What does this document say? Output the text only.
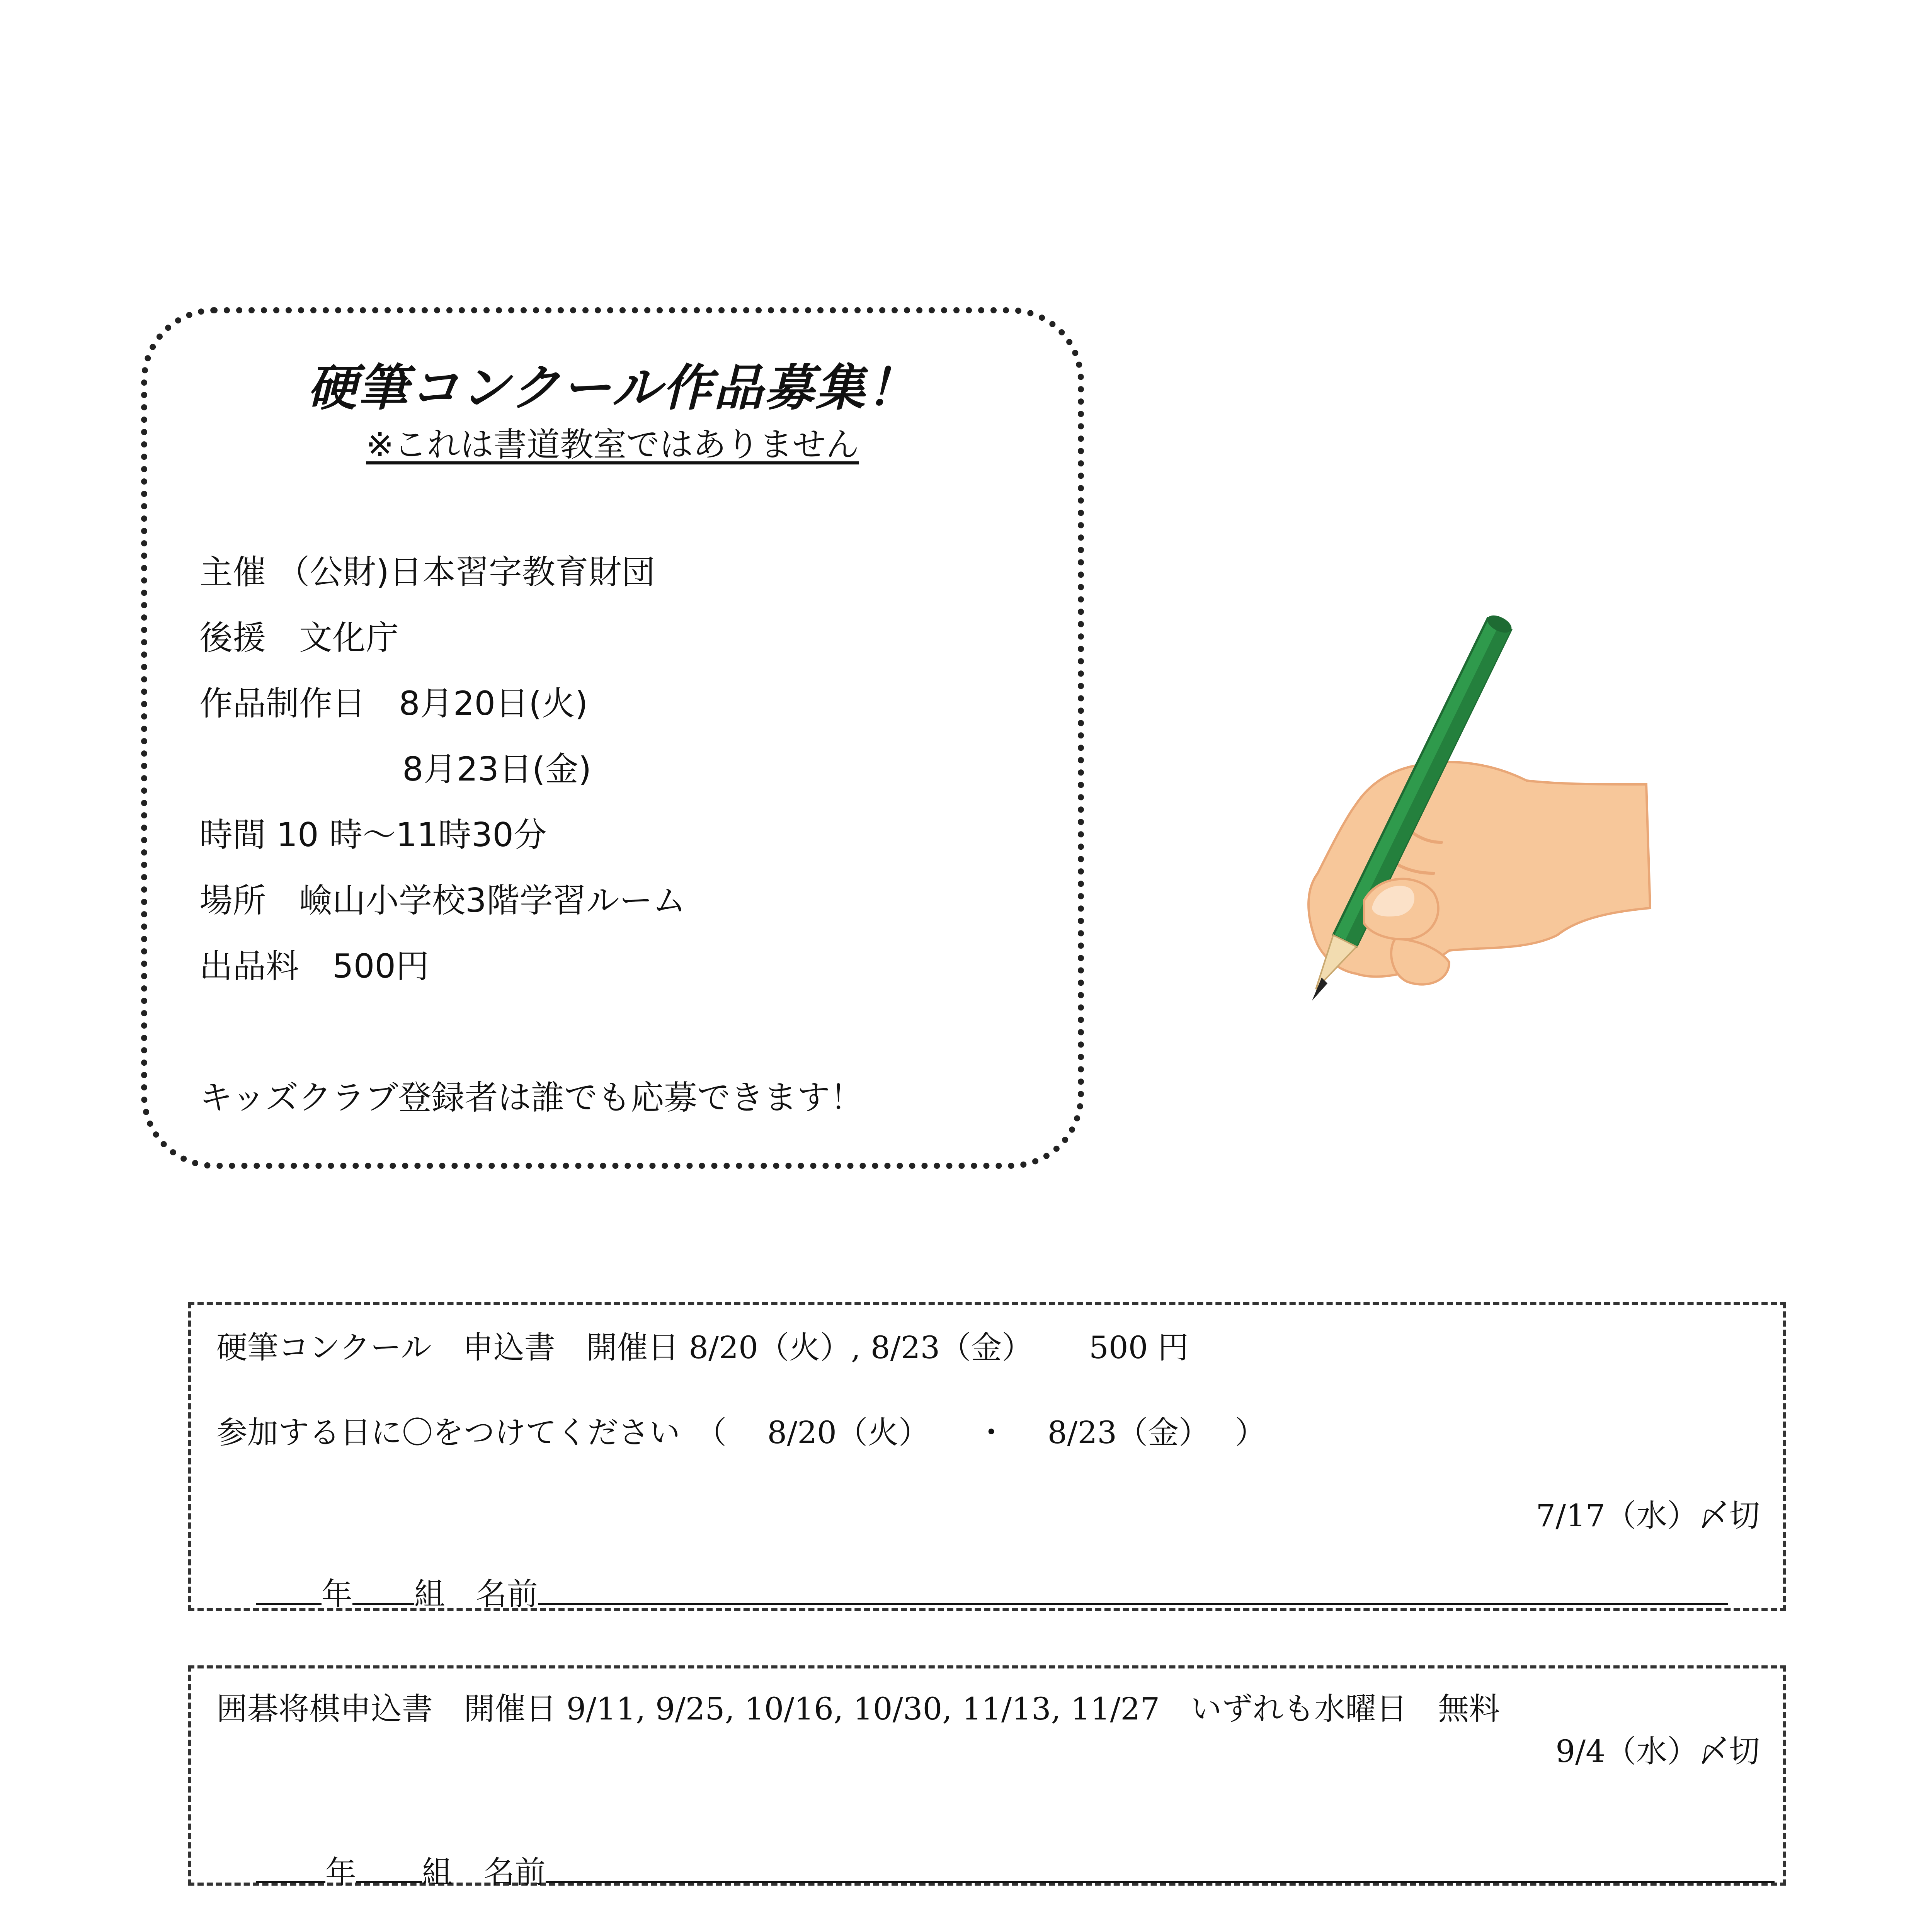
硬筆コンクール作品募集！
※これは書道教室ではありません
主催 （公財)日本習字教育財団
後援　文化庁
作品制作日　8月20日(火)
8月23日(金)
時間 10 時～11時30分
場所　嶮山小学校3階学習ルーム
出品料　500円
キッズクラブ登録者は誰でも応募できます！
硬筆コンクール　申込書　開催日 8/20（火）, 8/23（金）　　 500 円
参加する日に〇をつけてください　（　 8/20（火）　　・　 8/23（金）　 ）
7/17（水）〆切

年 組　 名前

囲碁将棋申込書　開催日 9/11, 9/25, 10/16, 10/30, 11/13, 11/27　いずれも水曜日　無料
9/4（水）〆切

年 組　 名前
